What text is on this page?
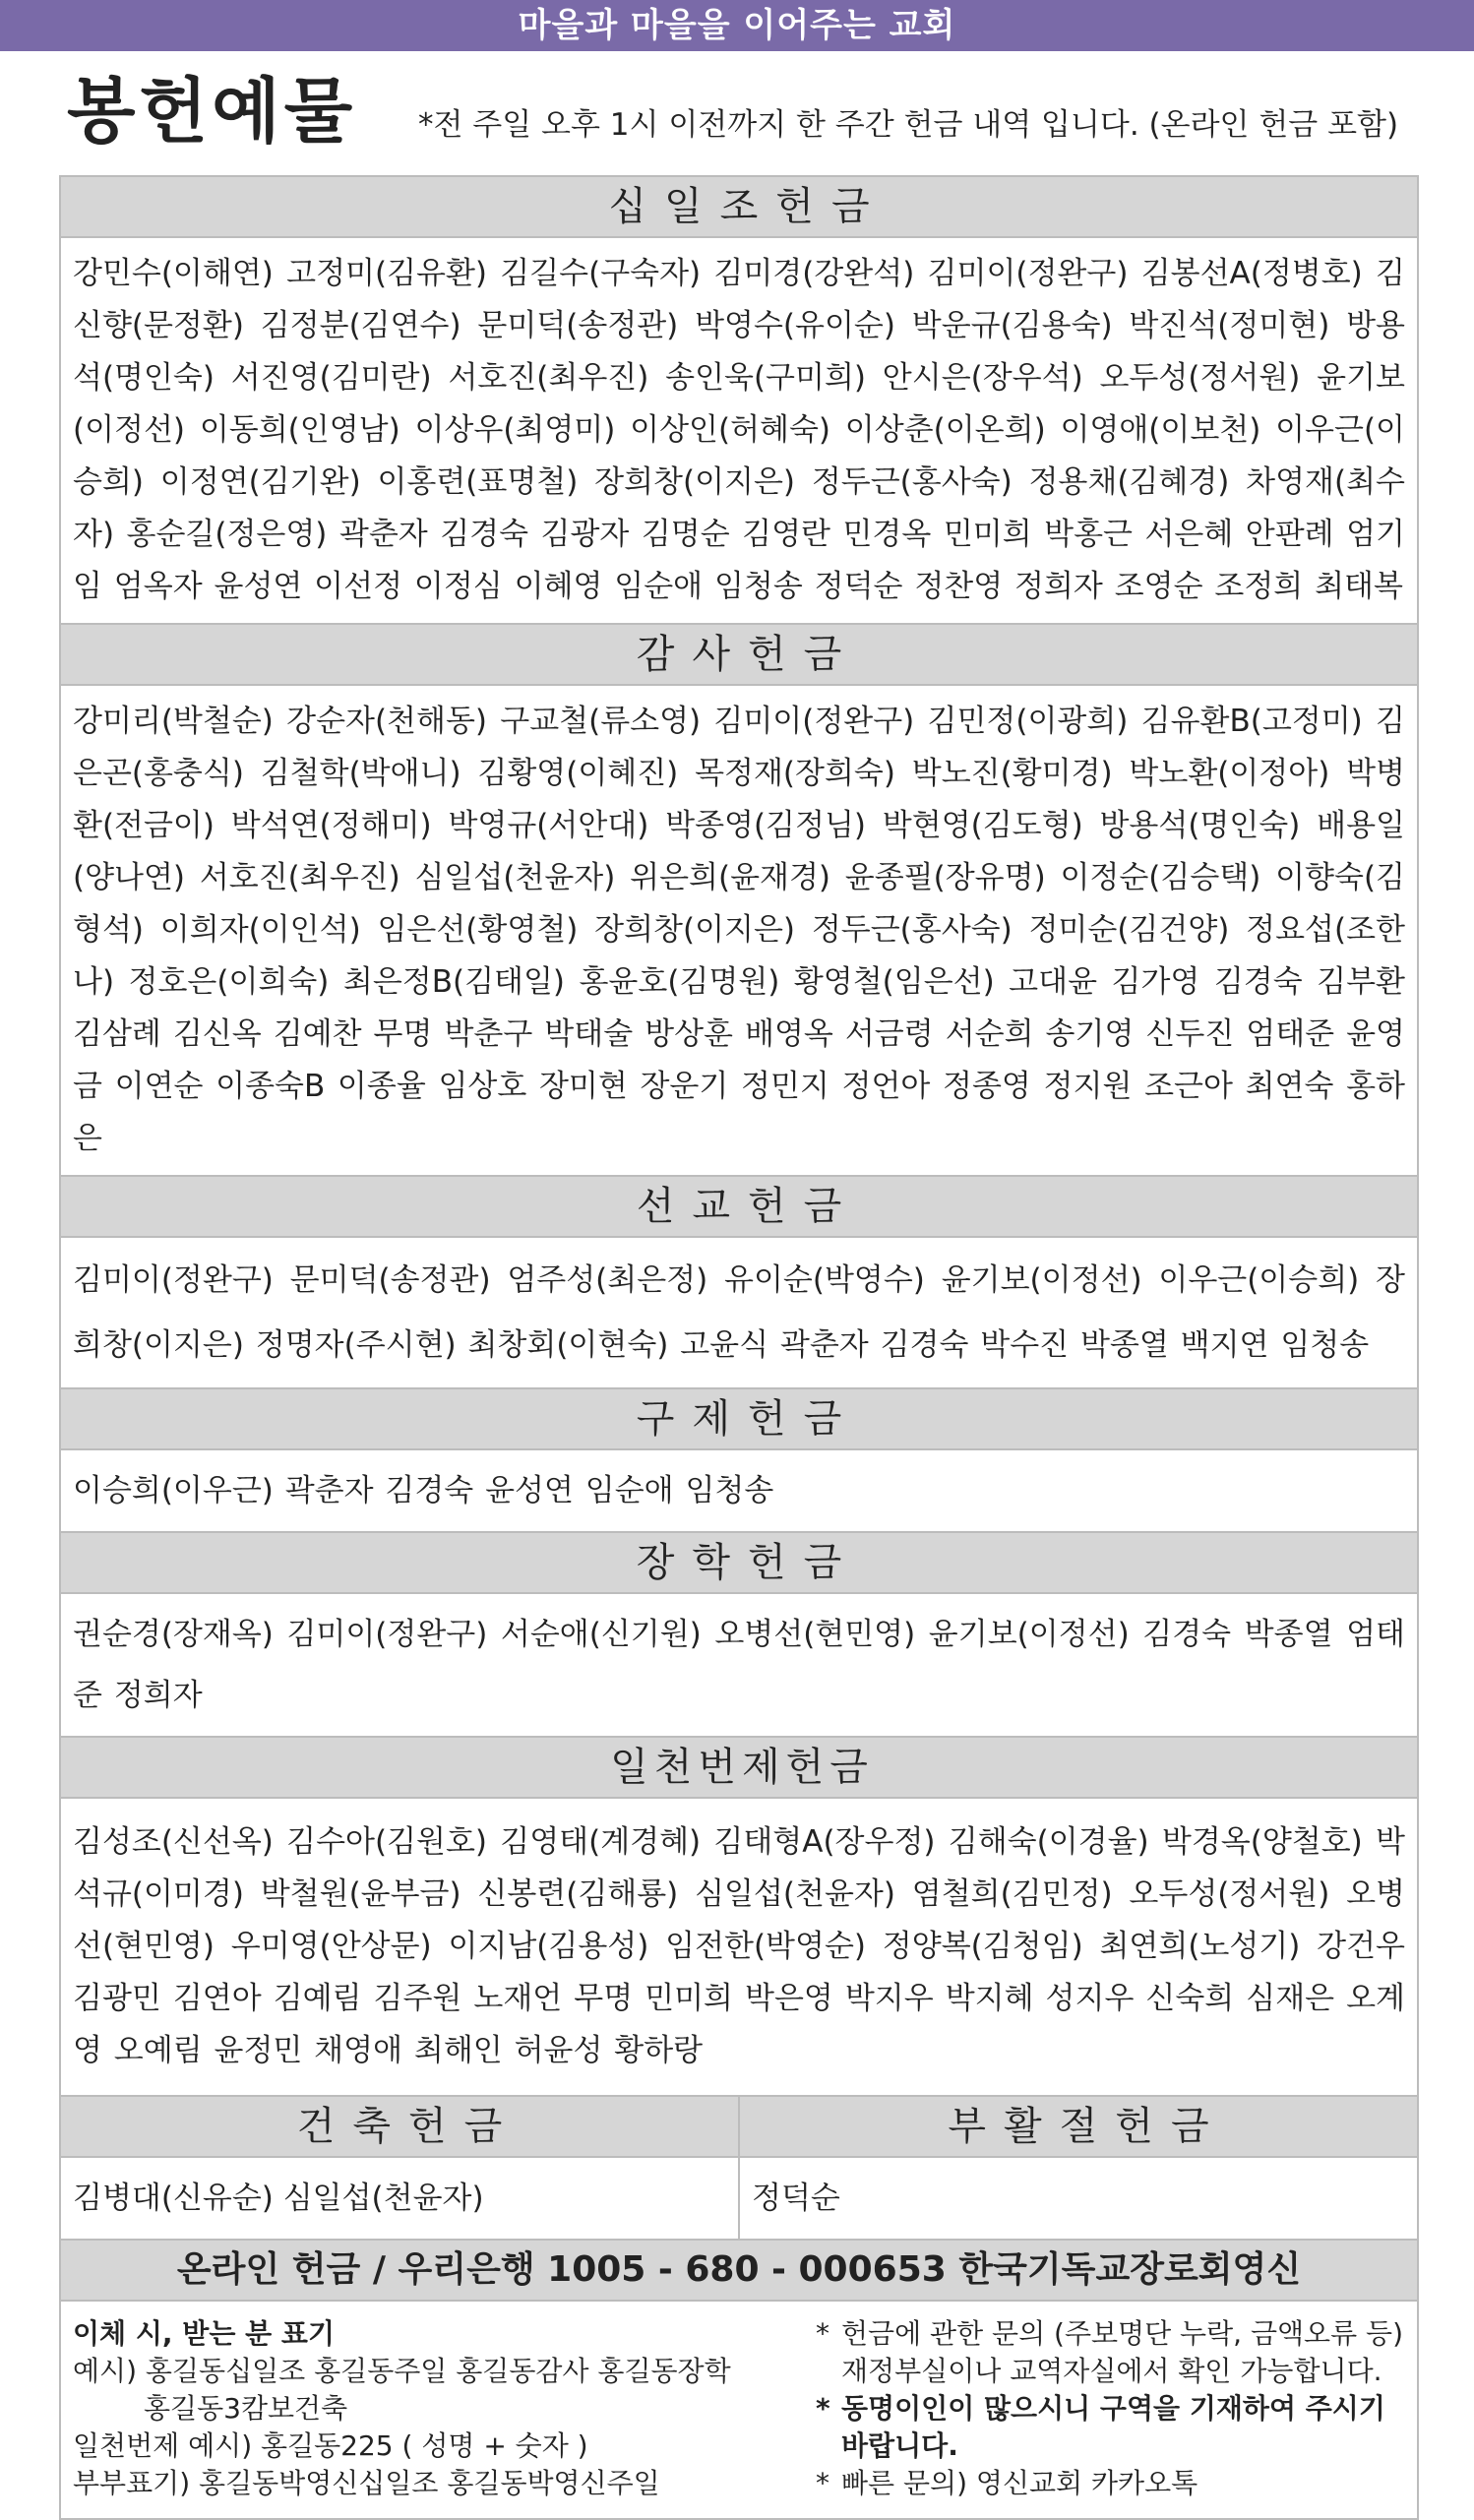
마을과 마을을 이어주는 교회
봉헌예물 *전 주일 오후 1시 이전까지 한 주간 헌금 내역 입니다. (온라인 헌금 포함)
십일조헌금
강민수(이해연) 고정미(김유환) 김길수(구숙자) 김미경(강완석) 김미이(정완구) 김봉선A(정병호) 김신향(문정환) 김정분(김연수) 문미덕(송정관) 박영수(유이순) 박운규(김용숙) 박진석(정미현) 방용석(명인숙) 서진영(김미란) 서호진(최우진) 송인욱(구미희) 안시은(장우석) 오두성(정서원) 윤기보(이정선) 이동희(인영남) 이상우(최영미) 이상인(허혜숙) 이상춘(이온희) 이영애(이보천) 이우근(이승희) 이정연(김기완) 이홍련(표명철) 장희창(이지은) 정두근(홍사숙) 정용채(김혜경) 차영재(최수자) 홍순길(정은영) 곽춘자 김경숙 김광자 김명순 김영란 민경옥 민미희 박홍근 서은혜 안판례 엄기임 엄옥자 윤성연 이선정 이정심 이혜영 임순애 임청송 정덕순 정찬영 정희자 조영순 조정희 최태복
감사헌금
강미리(박철순) 강순자(천해동) 구교철(류소영) 김미이(정완구) 김민정(이광희) 김유환B(고정미) 김은곤(홍충식) 김철학(박애니) 김황영(이혜진) 목정재(장희숙) 박노진(황미경) 박노환(이정아) 박병환(전금이) 박석연(정해미) 박영규(서안대) 박종영(김정님) 박현영(김도형) 방용석(명인숙) 배용일(양나연) 서호진(최우진) 심일섭(천윤자) 위은희(윤재경) 윤종필(장유명) 이정순(김승택) 이향숙(김형석) 이희자(이인석) 임은선(황영철) 장희창(이지은) 정두근(홍사숙) 정미순(김건양) 정요섭(조한나) 정호은(이희숙) 최은정B(김태일) 홍윤호(김명원) 황영철(임은선) 고대윤 김가영 김경숙 김부환 김삼례 김신옥 김예찬 무명 박춘구 박태술 방상훈 배영옥 서금령 서순희 송기영 신두진 엄태준 윤영금 이연순 이종숙B 이종율 임상호 장미현 장운기 정민지 정언아 정종영 정지원 조근아 최연숙 홍하은
선교헌금
김미이(정완구) 문미덕(송정관) 엄주성(최은정) 유이순(박영수) 윤기보(이정선) 이우근(이승희) 장희창(이지은) 정명자(주시현) 최창회(이현숙) 고윤식 곽춘자 김경숙 박수진 박종열 백지연 임청송
구제헌금
이승희(이우근) 곽춘자 김경숙 윤성연 임순애 임청송
장학헌금
권순경(장재옥) 김미이(정완구) 서순애(신기원) 오병선(현민영) 윤기보(이정선) 김경숙 박종열 엄태준 정희자
일천번제헌금
김성조(신선옥) 김수아(김원호) 김영태(계경혜) 김태형A(장우정) 김해숙(이경율) 박경옥(양철호) 박석규(이미경) 박철원(윤부금) 신봉련(김해룡) 심일섭(천윤자) 염철희(김민정) 오두성(정서원) 오병선(현민영) 우미영(안상문) 이지남(김용성) 임전한(박영순) 정양복(김청임) 최연희(노성기) 강건우 김광민 김연아 김예림 김주원 노재언 무명 민미희 박은영 박지우 박지혜 성지우 신숙희 심재은 오계영 오예림 윤정민 채영애 최해인 허윤성 황하랑
건축헌금
김병대(신유순) 심일섭(천윤자)
부활절헌금
정덕순
온라인 헌금 / 우리은행 1005 - 680 - 000653 한국기독교장로회영신
이체 시, 받는 분 표기
예시) 홍길동십일조 홍길동주일 홍길동감사 홍길동장학
홍길동3캄보건축
일천번제 예시) 홍길동225 ( 성명 + 숫자 )
부부표기) 홍길동박영신십일조 홍길동박영신주일
* 헌금에 관한 문의 (주보명단 누락, 금액오류 등) 재정부실이나 교역자실에서 확인 가능합니다.
* 동명이인이 많으시니 구역을 기재하여 주시기 바랍니다.
* 빠른 문의) 영신교회 카카오톡
